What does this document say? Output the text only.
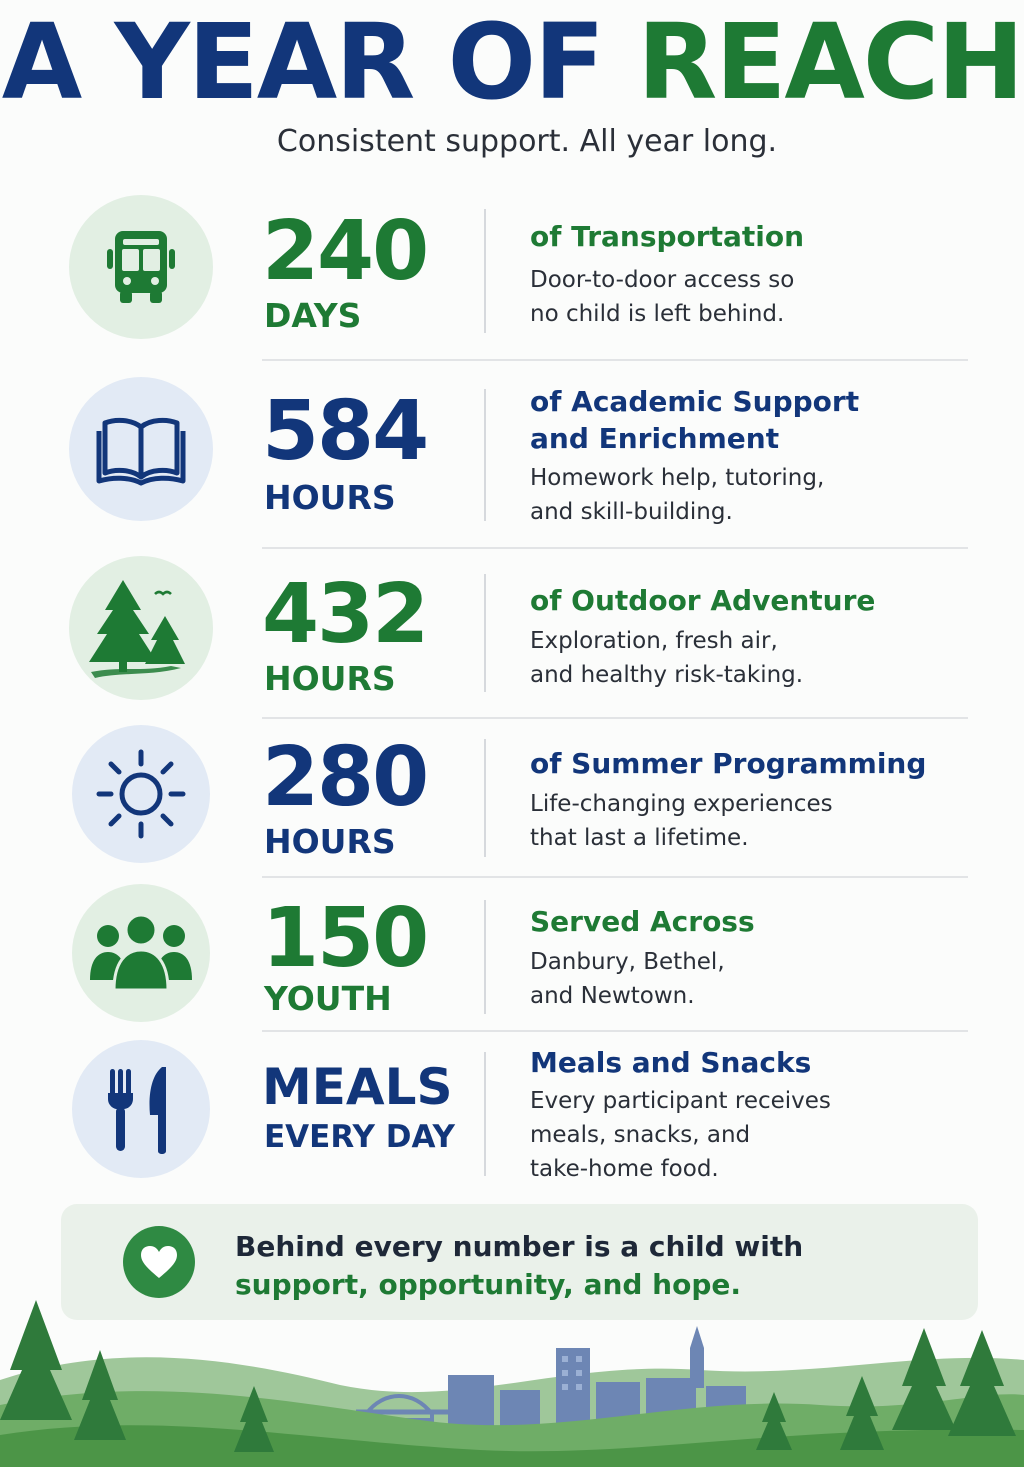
A YEAR OF REACH
Consistent support. All year long.
240
DAYS
of Transportation
Door-to-door access so
no child is left behind.
584
HOURS
of Academic Support
and Enrichment
Homework help, tutoring,
and skill-building.
432
HOURS
of Outdoor Adventure
Exploration, fresh air,
and healthy risk-taking.
280
HOURS
of Summer Programming
Life-changing experiences
that last a lifetime.
150
YOUTH
Served Across
Danbury, Bethel,
and Newtown.
MEALS
EVERY DAY
Meals and Snacks
Every participant receives
meals, snacks, and
take-home food.
Behind every number is a child with
support, opportunity, and hope.
